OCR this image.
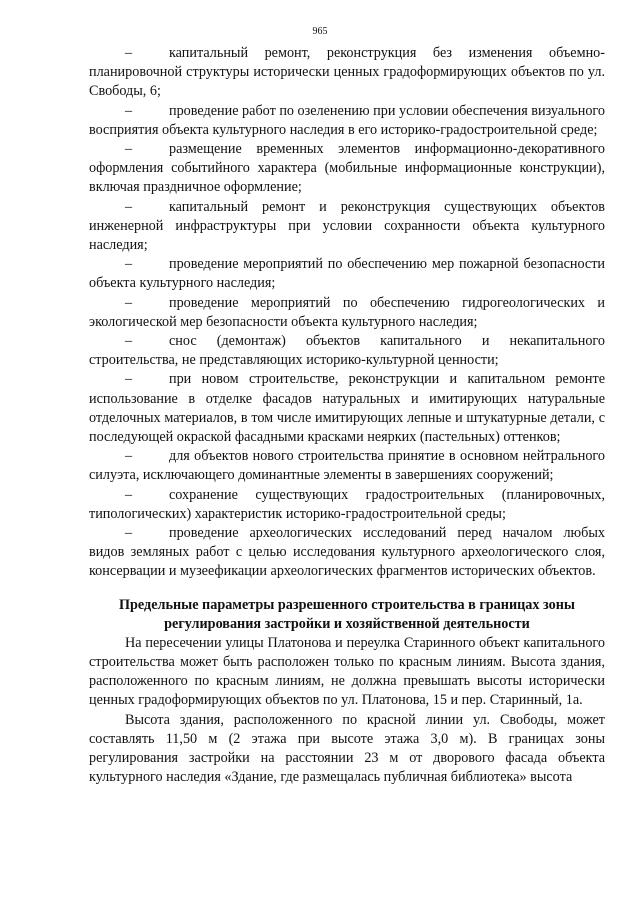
965

–	капитальный ремонт, реконструкция без изменения объемно-планировочной структуры исторически ценных градоформирующих объектов по ул. Свободы, 6;

–	проведение работ по озеленению при условии обеспечения визуального восприятия объекта культурного наследия в его историко-градостроительной среде;

–	размещение временных элементов информационно-декоративного оформления событийного характера (мобильные информационные конструкции), включая праздничное оформление;

–	капитальный ремонт и реконструкция существующих объектов инженерной инфраструктуры при условии сохранности объекта культурного наследия;

–	проведение мероприятий по обеспечению мер пожарной безопасности объекта культурного наследия;

–	проведение мероприятий по обеспечению гидрогеологических и экологической мер безопасности объекта культурного наследия;

–	снос (демонтаж) объектов капитального и некапитального строительства, не представляющих историко-культурной ценности;

–	при новом строительстве, реконструкции и капитальном ремонте использование в отделке фасадов натуральных и имитирующих натуральные отделочных материалов, в том числе имитирующих лепные и штукатурные детали, с последующей окраской фасадными красками неярких (пастельных) оттенков;

–	для объектов нового строительства принятие в основном нейтрального силуэта, исключающего доминантные элементы в завершениях сооружений;

–	сохранение существующих градостроительных (планировочных, типологических) характеристик историко-градостроительной среды;

–	проведение археологических исследований перед началом любых видов земляных работ с целью исследования культурного археологического слоя, консервации и музеефикации археологических фрагментов исторических объектов.

Предельные параметры разрешенного строительства в границах зоны регулирования застройки и хозяйственной деятельности

На пересечении улицы Платонова и переулка Старинного объект капитального строительства может быть расположен только по красным линиям. Высота здания, расположенного по красным линиям, не должна превышать высоты исторически ценных градоформирующих объектов по ул. Платонова, 15 и пер. Старинный, 1а.

Высота здания, расположенного по красной линии ул. Свободы, может составлять 11,50 м (2 этажа при высоте этажа 3,0 м). В границах зоны регулирования застройки на расстоянии 23 м от дворового фасада объекта культурного наследия «Здание, где размещалась публичная библиотека» высота
